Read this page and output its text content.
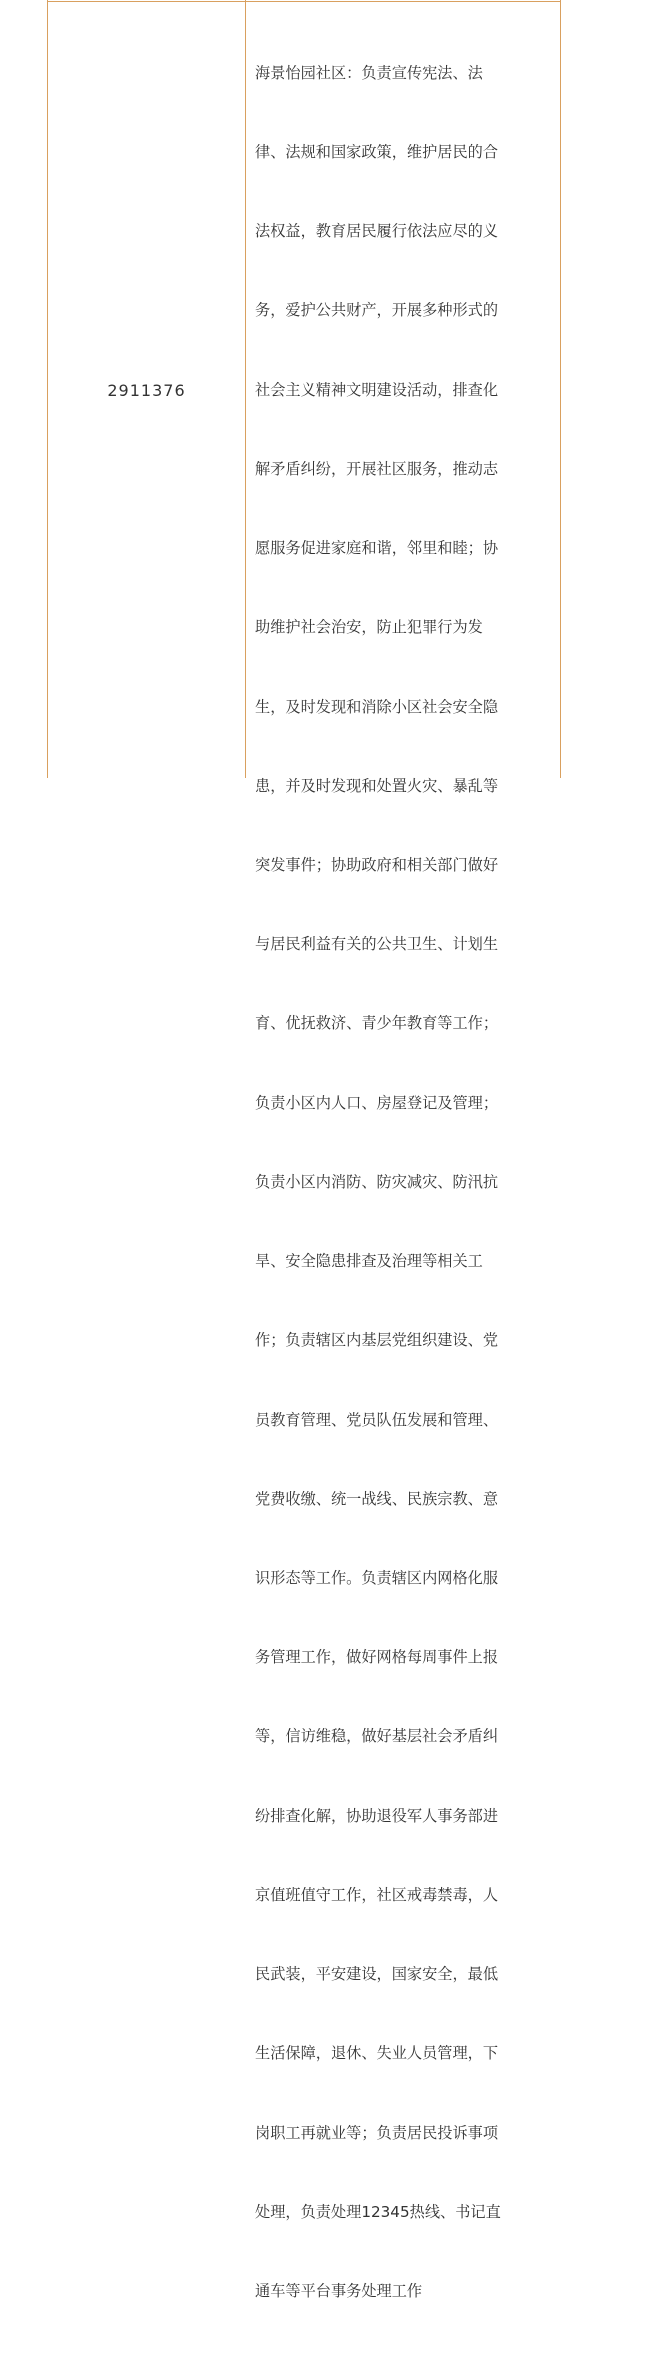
2911376

海景怡园社区：负责宣传宪法、法

律、法规和国家政策，维护居民的合

法权益，教育居民履行依法应尽的义

务，爱护公共财产，开展多种形式的

社会主义精神文明建设活动，排查化

解矛盾纠纷，开展社区服务，推动志

愿服务促进家庭和谐，邻里和睦；协

助维护社会治安，防止犯罪行为发

生，及时发现和消除小区社会安全隐

患，并及时发现和处置火灾、暴乱等

突发事件；协助政府和相关部门做好

与居民利益有关的公共卫生、计划生

育、优抚救济、青少年教育等工作；

负责小区内人口、房屋登记及管理；

负责小区内消防、防灾减灾、防汛抗

旱、安全隐患排查及治理等相关工

作；负责辖区内基层党组织建设、党

员教育管理、党员队伍发展和管理、

党费收缴、统一战线、民族宗教、意

识形态等工作。负责辖区内网格化服

务管理工作，做好网格每周事件上报

等，信访维稳，做好基层社会矛盾纠

纷排查化解，协助退役军人事务部进

京值班值守工作，社区戒毒禁毒，人

民武装，平安建设，国家安全，最低

生活保障，退休、失业人员管理，下

岗职工再就业等；负责居民投诉事项

处理，负责处理12345热线、书记直

通车等平台事务处理工作
